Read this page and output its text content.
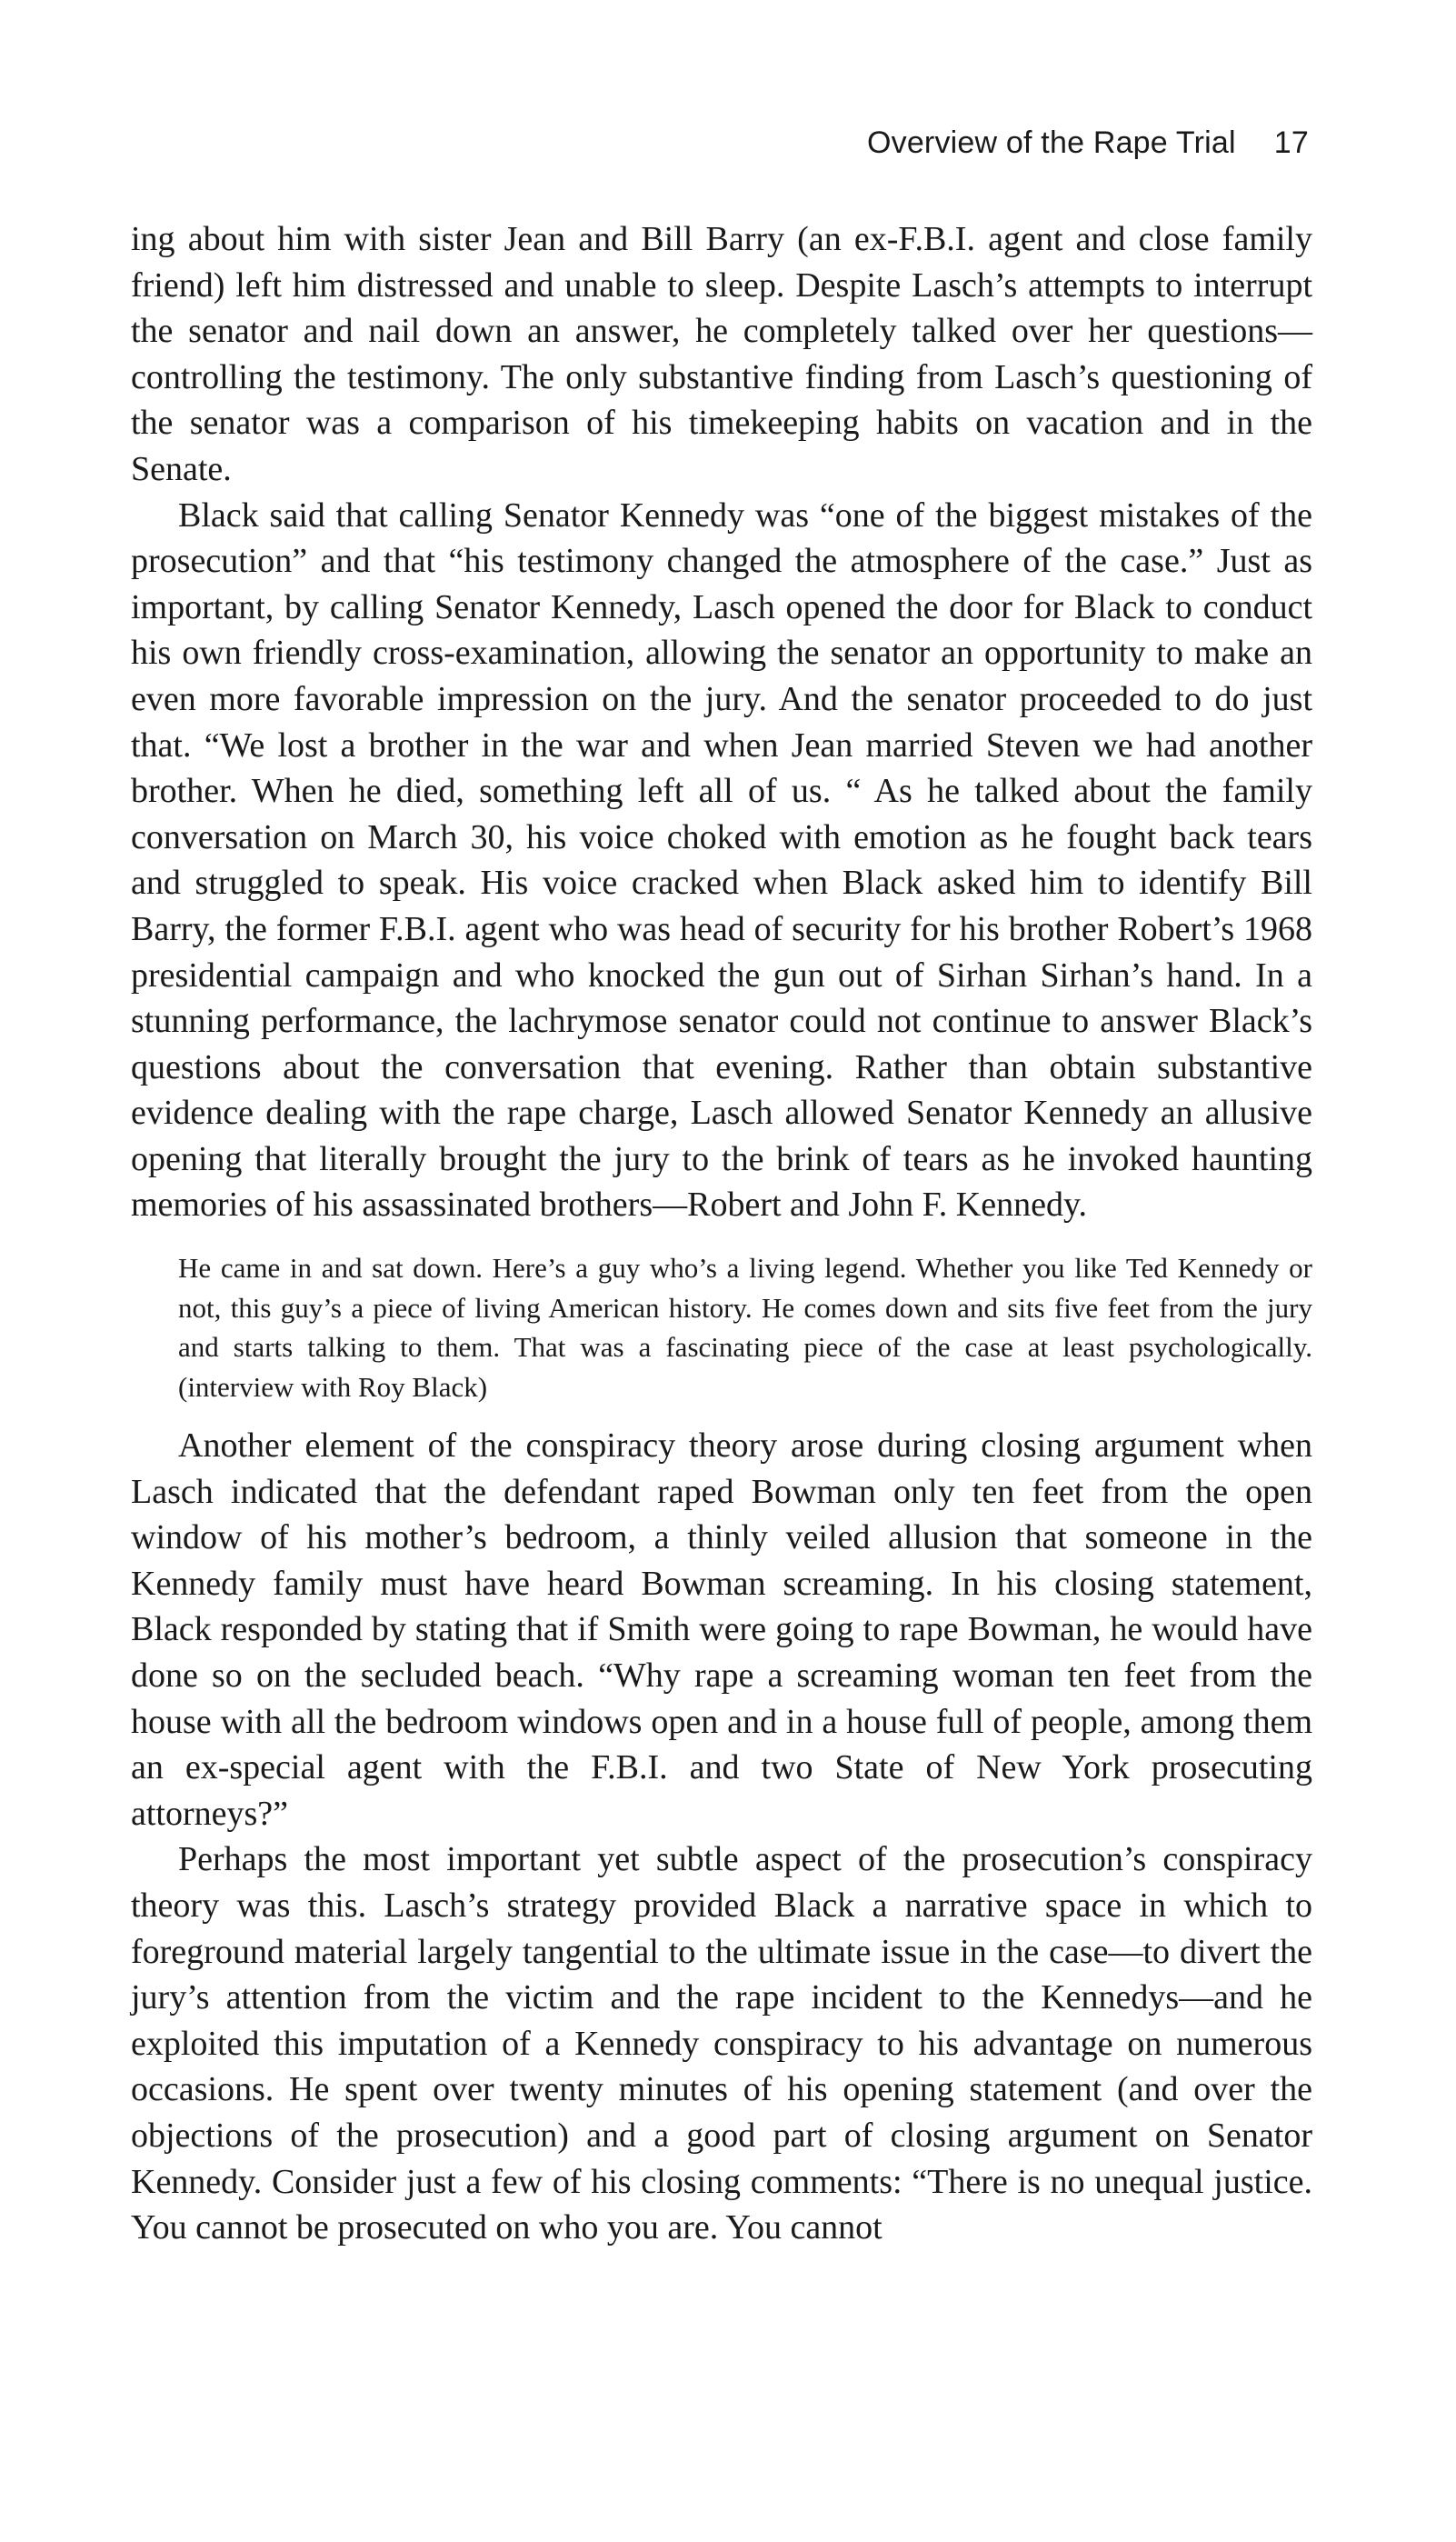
Overview of the Rape Trial 17

ing about him with sister Jean and Bill Barry (an ex-F.B.I. agent and close family friend) left him distressed and unable to sleep. Despite Lasch’s attempts to interrupt the senator and nail down an answer, he completely talked over her questions—controlling the testimony. The only substantive finding from Lasch’s questioning of the senator was a comparison of his timekeeping habits on vacation and in the Senate.

Black said that calling Senator Kennedy was “one of the biggest mistakes of the prosecution” and that “his testimony changed the atmosphere of the case.” Just as important, by calling Senator Kennedy, Lasch opened the door for Black to conduct his own friendly cross-examination, allowing the senator an opportunity to make an even more favorable impression on the jury. And the senator proceeded to do just that. “We lost a brother in the war and when Jean married Steven we had another brother. When he died, something left all of us. “ As he talked about the family conversation on March 30, his voice choked with emotion as he fought back tears and struggled to speak. His voice cracked when Black asked him to identify Bill Barry, the former F.B.I. agent who was head of security for his brother Robert’s 1968 presidential campaign and who knocked the gun out of Sirhan Sirhan’s hand. In a stunning performance, the lachrymose senator could not continue to answer Black’s questions about the conversation that evening. Rather than obtain substantive evidence dealing with the rape charge, Lasch allowed Senator Kennedy an allusive opening that literally brought the jury to the brink of tears as he invoked haunting memories of his assassinated brothers—Robert and John F. Kennedy.

He came in and sat down. Here’s a guy who’s a living legend. Whether you like Ted Kennedy or not, this guy’s a piece of living American history. He comes down and sits five feet from the jury and starts talking to them. That was a fascinating piece of the case at least psychologically. (interview with Roy Black)

Another element of the conspiracy theory arose during closing argument when Lasch indicated that the defendant raped Bowman only ten feet from the open window of his mother’s bedroom, a thinly veiled allusion that someone in the Kennedy family must have heard Bowman screaming. In his closing statement, Black responded by stating that if Smith were going to rape Bowman, he would have done so on the secluded beach. “Why rape a screaming woman ten feet from the house with all the bedroom windows open and in a house full of people, among them an ex-special agent with the F.B.I. and two State of New York prosecuting attorneys?”

Perhaps the most important yet subtle aspect of the prosecution’s conspiracy theory was this. Lasch’s strategy provided Black a narrative space in which to foreground material largely tangential to the ultimate issue in the case—to divert the jury’s attention from the victim and the rape incident to the Kennedys—and he exploited this imputation of a Kennedy conspiracy to his advantage on numerous occasions. He spent over twenty minutes of his opening statement (and over the objections of the prosecution) and a good part of closing argument on Senator Kennedy. Consider just a few of his closing comments: “There is no unequal justice. You cannot be prosecuted on who you are. You cannot
